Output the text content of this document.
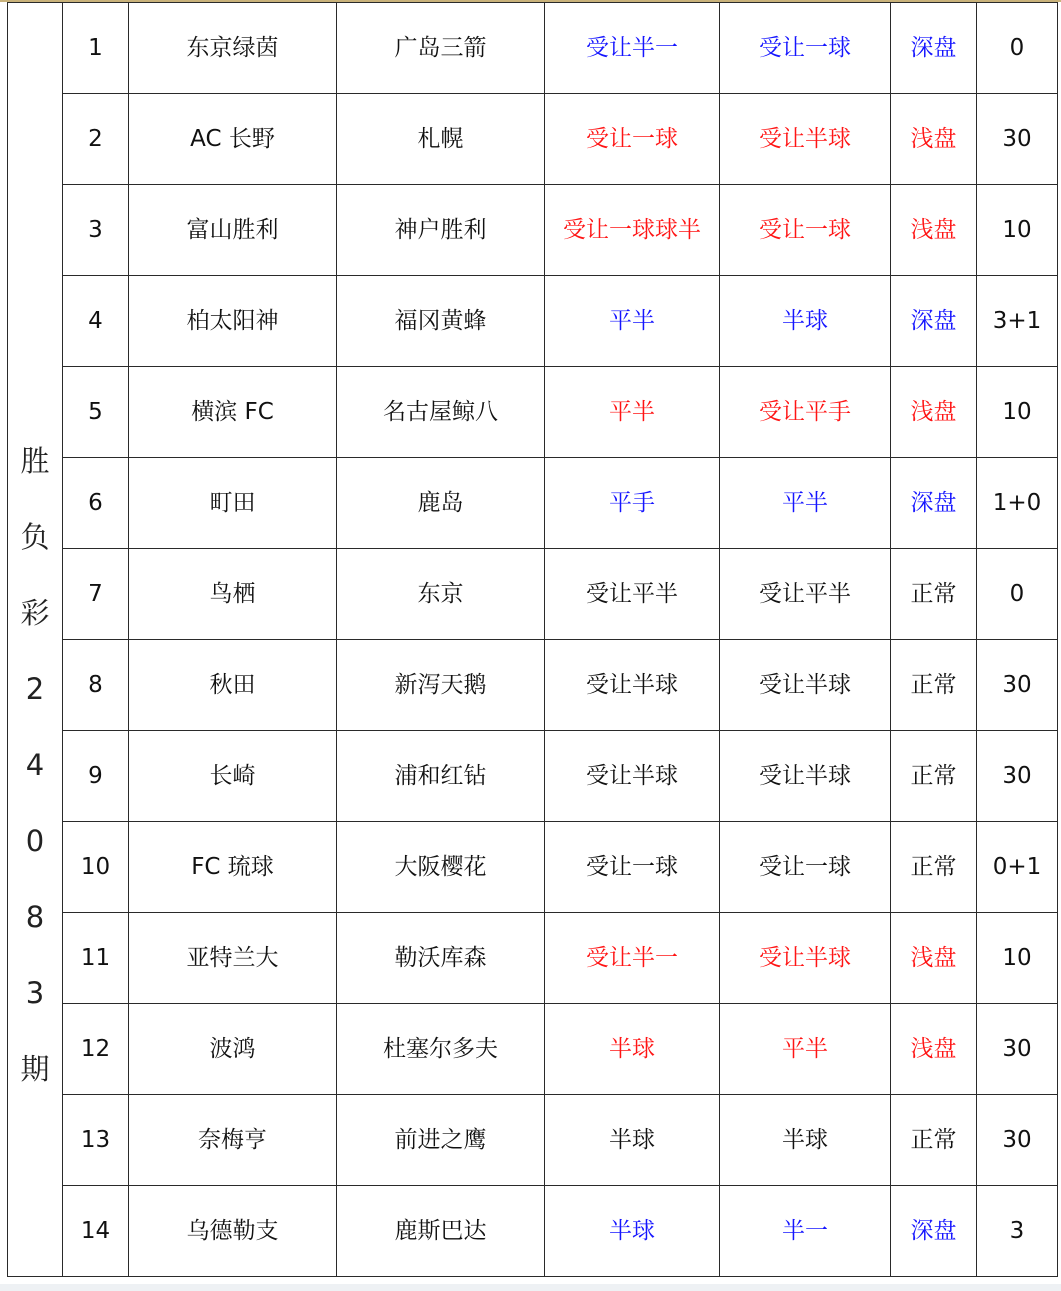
胜负彩24083期	1	东京绿茵	广岛三箭	受让半一	受让一球	深盘	0
	2	AC 长野	札幌	受让一球	受让半球	浅盘	30
	3	富山胜利	神户胜利	受让一球球半	受让一球	浅盘	10
	4	柏太阳神	福冈黄蜂	平半	半球	深盘	3+1
	5	横滨 FC	名古屋鲸八	平半	受让平手	浅盘	10
	6	町田	鹿岛	平手	平半	深盘	1+0
	7	鸟栖	东京	受让平半	受让平半	正常	0
	8	秋田	新泻天鹅	受让半球	受让半球	正常	30
	9	长崎	浦和红钻	受让半球	受让半球	正常	30
	10	FC 琉球	大阪樱花	受让一球	受让一球	正常	0+1
	11	亚特兰大	勒沃库森	受让半一	受让半球	浅盘	10
	12	波鸿	杜塞尔多夫	半球	平半	浅盘	30
	13	奈梅亨	前进之鹰	半球	半球	正常	30
	14	乌德勒支	鹿斯巴达	半球	半一	深盘	3
